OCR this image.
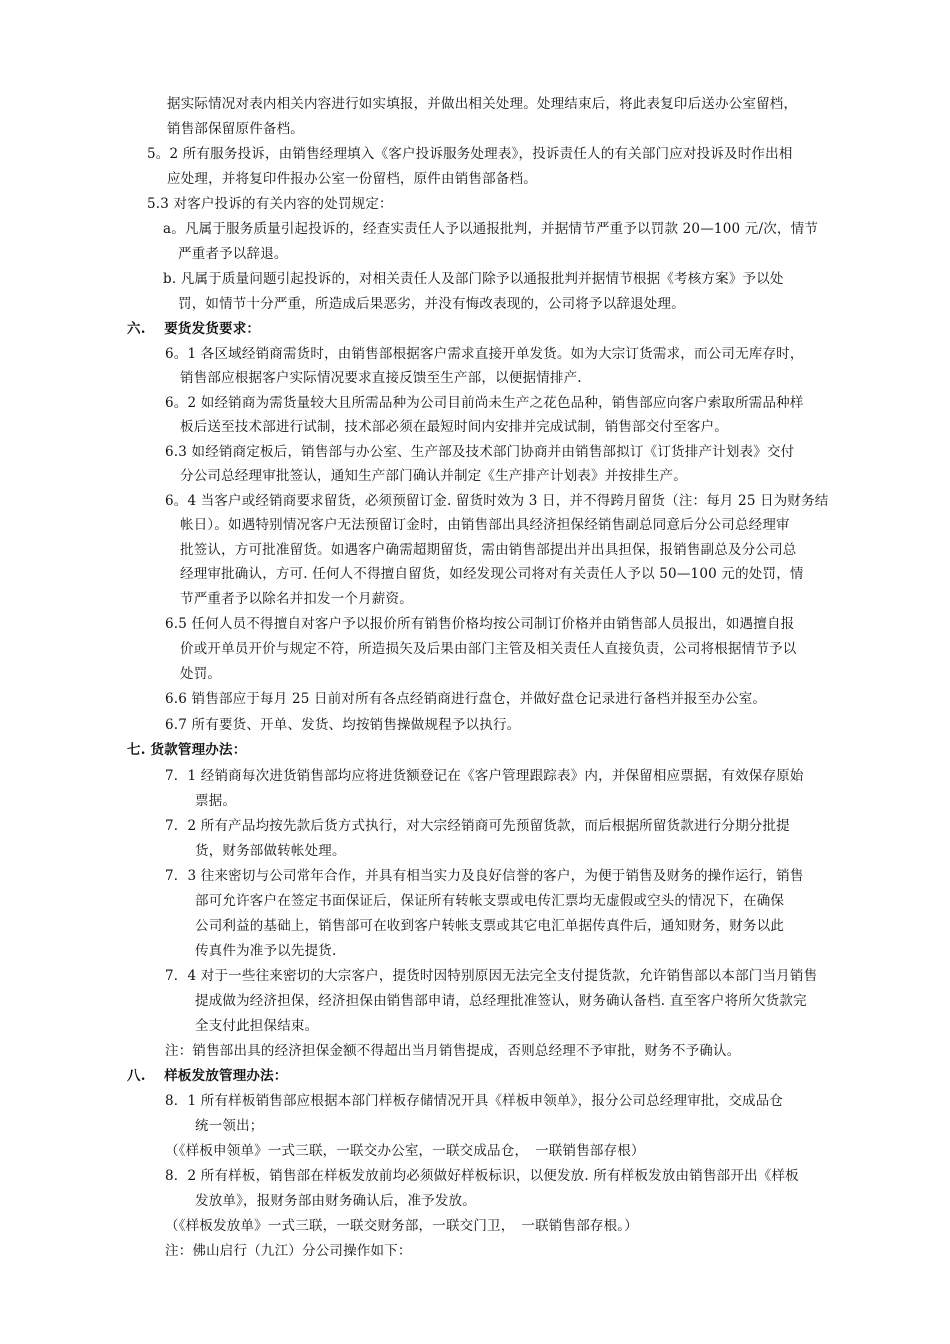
据实际情况对表内相关内容进行如实填报，并做出相关处理。处理结束后，将此表复印后送办公室留档，
销售部保留原件备档。
5。2 所有服务投诉，由销售经理填入《客户投诉服务处理表》，投诉责任人的有关部门应对投诉及时作出相
应处理，并将复印件报办公室一份留档，原件由销售部备档。
5.3 对客户投诉的有关内容的处罚规定：
a。凡属于服务质量引起投诉的，经查实责任人予以通报批判，并据情节严重予以罚款 20—100 元/次，情节
严重者予以辞退。
b. 凡属于质量问题引起投诉的，对相关责任人及部门除予以通报批判并据情节根据《考核方案》予以处
罚，如情节十分严重，所造成后果恶劣，并没有悔改表现的，公司将予以辞退处理。
六.　 要货发货要求：
6。1 各区域经销商需货时，由销售部根据客户需求直接开单发货。如为大宗订货需求，而公司无库存时，
销售部应根据客户实际情况要求直接反馈至生产部，以便据情排产.
6。2 如经销商为需货量较大且所需品种为公司目前尚未生产之花色品种，销售部应向客户索取所需品种样
板后送至技术部进行试制，技术部必须在最短时间内安排并完成试制，销售部交付至客户。
6.3 如经销商定板后，销售部与办公室、生产部及技术部门协商并由销售部拟订《订货排产计划表》交付
分公司总经理审批签认，通知生产部门确认并制定《生产排产计划表》并按排生产。
6。4 当客户或经销商要求留货，必须预留订金. 留货时效为 3 日，并不得跨月留货（注：每月 25 日为财务结
帐日）。如遇特别情况客户无法预留订金时，由销售部出具经济担保经销售副总同意后分公司总经理审
批签认，方可批准留货。如遇客户确需超期留货，需由销售部提出并出具担保，报销售副总及分公司总
经理审批确认，方可. 任何人不得擅自留货，如经发现公司将对有关责任人予以 50—100 元的处罚，情
节严重者予以除名并扣发一个月薪资。
6.5 任何人员不得擅自对客户予以报价所有销售价格均按公司制订价格并由销售部人员报出，如遇擅自报
价或开单员开价与规定不符，所造损矢及后果由部门主管及相关责任人直接负责，公司将根据情节予以
处罚。
6.6 销售部应于每月 25 日前对所有各点经销商进行盘仓，并做好盘仓记录进行备档并报至办公室。
6.7 所有要货、开单、发货、均按销售操做规程予以执行。
七. 货款管理办法：
7．1 经销商每次进货销售部均应将进货额登记在《客户管理跟踪表》内，并保留相应票据，有效保存原始
票据。
7．2 所有产品均按先款后货方式执行，对大宗经销商可先预留货款，而后根据所留货款进行分期分批提
货，财务部做转帐处理。
7．3 往来密切与公司常年合作，并具有相当实力及良好信誉的客户，为便于销售及财务的操作运行，销售
部可允许客户在签定书面保证后，保证所有转帐支票或电传汇票均无虚假或空头的情况下，在确保
公司利益的基础上，销售部可在收到客户转帐支票或其它电汇单据传真件后，通知财务，财务以此
传真件为准予以先提货.
7．4 对于一些往来密切的大宗客户，提货时因特别原因无法完全支付提货款，允许销售部以本部门当月销售
提成做为经济担保，经济担保由销售部申请，总经理批准签认，财务确认备档. 直至客户将所欠货款完
全支付此担保结束。
注：销售部出具的经济担保金额不得超出当月销售提成，否则总经理不予审批，财务不予确认。
八.　 样板发放管理办法：
8．1 所有样板销售部应根据本部门样板存储情况开具《样板申领单》，报分公司总经理审批，交成品仓
统一领出；
（《样板申领单》一式三联，一联交办公室，一联交成品仓，　一联销售部存根）
8．2 所有样板，销售部在样板发放前均必须做好样板标识，以便发放. 所有样板发放由销售部开出《样板
发放单》，报财务部由财务确认后，准予发放。
（《样板发放单》一式三联，一联交财务部，一联交门卫，　一联销售部存根。）
注：佛山启行（九江）分公司操作如下：
